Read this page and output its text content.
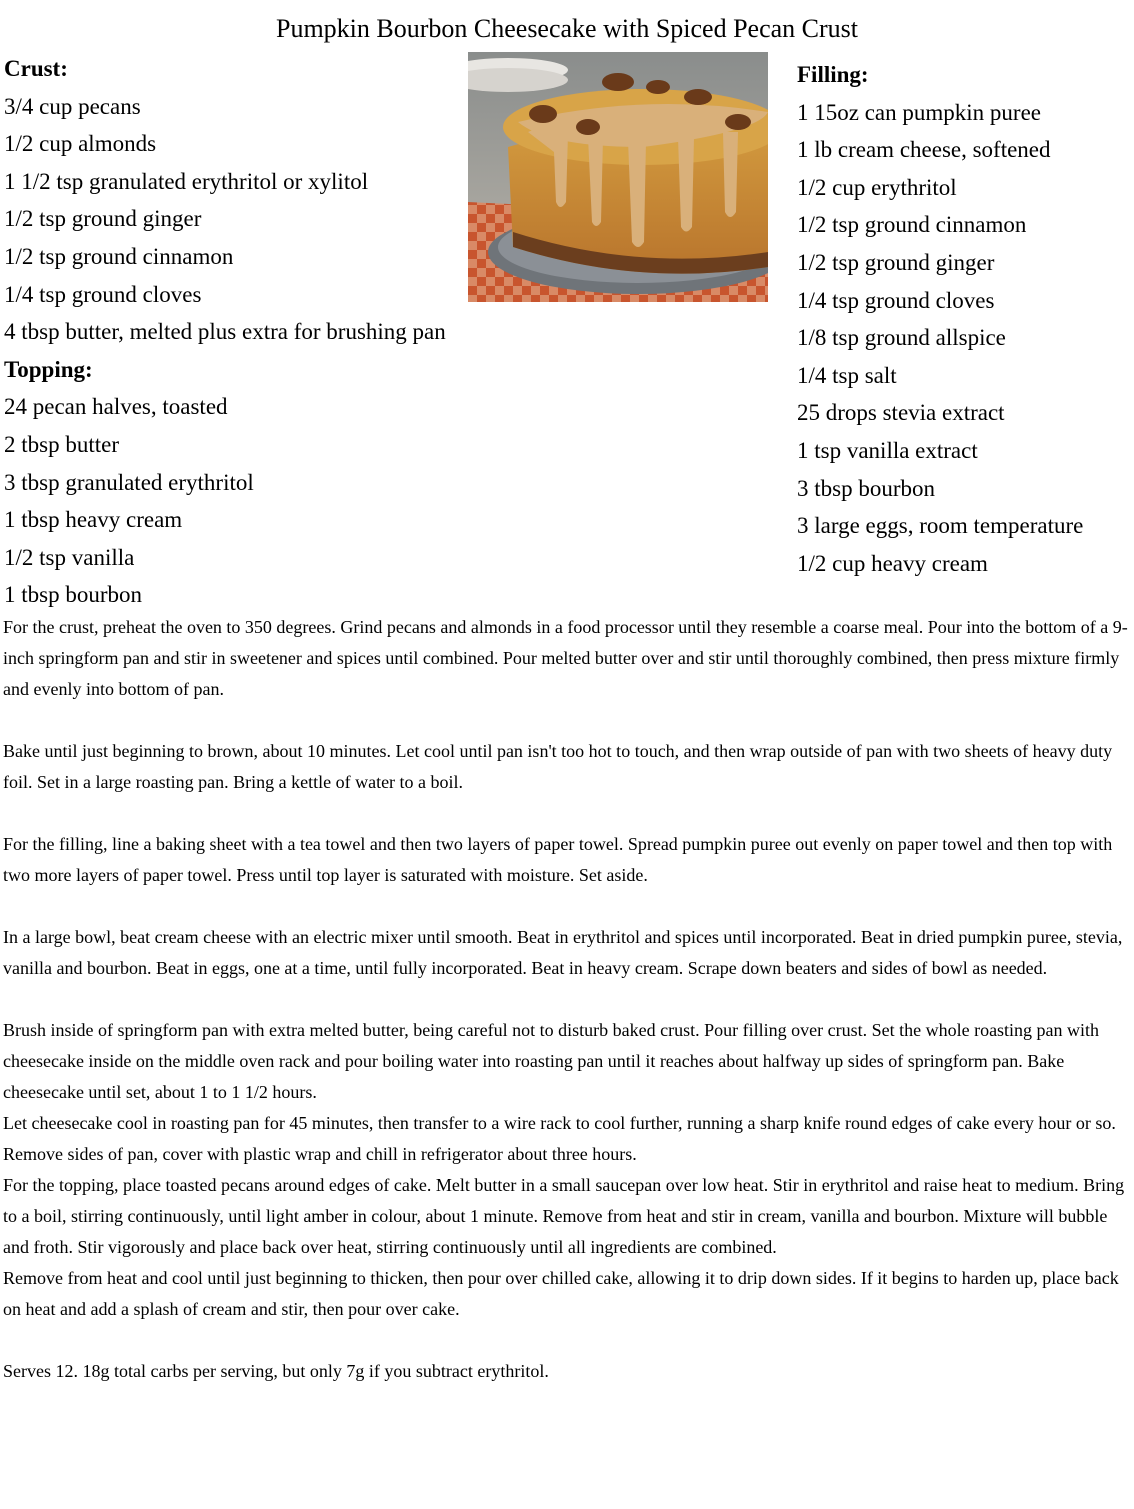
Pumpkin Bourbon Cheesecake with Spiced Pecan Crust
Crust:
3/4 cup pecans
1/2 cup almonds
1 1/2 tsp granulated erythritol or xylitol
1/2 tsp ground ginger
1/2 tsp ground cinnamon
1/4 tsp ground cloves
4 tbsp butter, melted plus extra for brushing pan
Topping:
24 pecan halves, toasted
2 tbsp butter
3 tbsp granulated erythritol
1 tbsp heavy cream
1/2 tsp vanilla
1 tbsp bourbon
Filling:
1 15oz can pumpkin puree
1 lb cream cheese, softened
1/2 cup erythritol
1/2 tsp ground cinnamon
1/2 tsp ground ginger
1/4 tsp ground cloves
1/8 tsp ground allspice
1/4 tsp salt
25 drops stevia extract
1 tsp vanilla extract
3 tbsp bourbon
3 large eggs, room temperature
1/2 cup heavy cream

For the crust, preheat the oven to 350 degrees. Grind pecans and almonds in a food processor until they resemble a coarse meal. Pour into the bottom of a 9-inch springform pan and stir in sweetener and spices until combined. Pour melted butter over and stir until thoroughly combined, then press mixture firmly and evenly into bottom of pan.

Bake until just beginning to brown, about 10 minutes. Let cool until pan isn't too hot to touch, and then wrap outside of pan with two sheets of heavy duty foil. Set in a large roasting pan. Bring a kettle of water to a boil.

For the filling, line a baking sheet with a tea towel and then two layers of paper towel. Spread pumpkin puree out evenly on paper towel and then top with two more layers of paper towel. Press until top layer is saturated with moisture. Set aside.

In a large bowl, beat cream cheese with an electric mixer until smooth. Beat in erythritol and spices until incorporated. Beat in dried pumpkin puree, stevia, vanilla and bourbon. Beat in eggs, one at a time, until fully incorporated. Beat in heavy cream. Scrape down beaters and sides of bowl as needed.

Brush inside of springform pan with extra melted butter, being careful not to disturb baked crust. Pour filling over crust. Set the whole roasting pan with cheesecake inside on the middle oven rack and pour boiling water into roasting pan until it reaches about halfway up sides of springform pan. Bake cheesecake until set, about 1 to 1 1/2 hours.

Let cheesecake cool in roasting pan for 45 minutes, then transfer to a wire rack to cool further, running a sharp knife round edges of cake every hour or so. Remove sides of pan, cover with plastic wrap and chill in refrigerator about three hours.

For the topping, place toasted pecans around edges of cake. Melt butter in a small saucepan over low heat. Stir in erythritol and raise heat to medium. Bring to a boil, stirring continuously, until light amber in colour, about 1 minute. Remove from heat and stir in cream, vanilla and bourbon. Mixture will bubble and froth. Stir vigorously and place back over heat, stirring continuously until all ingredients are combined.

Remove from heat and cool until just beginning to thicken, then pour over chilled cake, allowing it to drip down sides. If it begins to harden up, place back on heat and add a splash of cream and stir, then pour over cake.

Serves 12. 18g total carbs per serving, but only 7g if you subtract erythritol.
